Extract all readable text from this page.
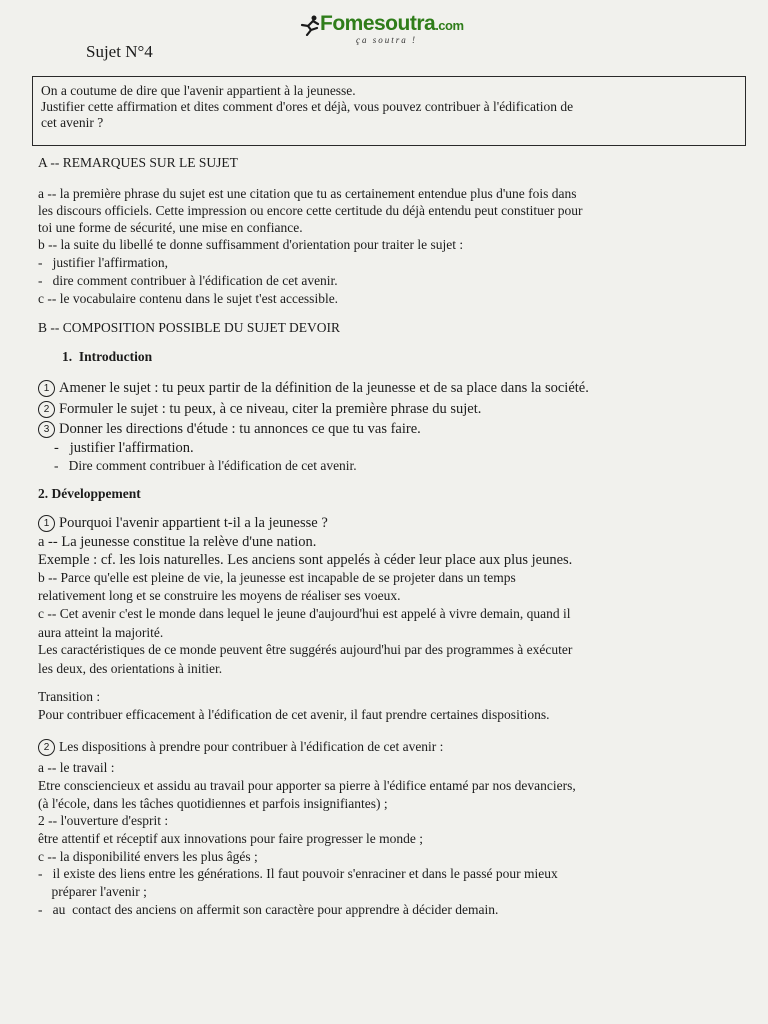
Fomesoutra.com
ça soutra !
Sujet N°4
On a coutume de dire que l'avenir appartient à la jeunesse.
Justifier cette affirmation et dites comment d'ores et déjà, vous pouvez contribuer à l'édification de
cet avenir ?
A -- REMARQUES SUR LE SUJET
a -- la première phrase du sujet est une citation que tu as certainement entendue plus d'une fois dans
les discours officiels. Cette impression ou encore cette certitude du déjà entendu peut constituer pour
toi une forme de sécurité, une mise en confiance.
b -- la suite du libellé te donne suffisamment d'orientation pour traiter le sujet :
-   justifier l'affirmation,
-   dire comment contribuer à l'édification de cet avenir.
c -- le vocabulaire contenu dans le sujet t'est accessible.
B -- COMPOSITION POSSIBLE DU SUJET DEVOIR
1.  Introduction
1 Amener le sujet : tu peux partir de la définition de la jeunesse et de sa place dans la société.
2 Formuler le sujet : tu peux, à ce niveau, citer la première phrase du sujet.
3 Donner les directions d'étude : tu annonces ce que tu vas faire.
-   justifier l'affirmation.
-   Dire comment contribuer à l'édification de cet avenir.
2. Développement
1 Pourquoi l'avenir appartient t-il a la jeunesse ?
a -- La jeunesse constitue la relève d'une nation.
Exemple : cf. les lois naturelles. Les anciens sont appelés à céder leur place aux plus jeunes.
b -- Parce qu'elle est pleine de vie, la jeunesse est incapable de se projeter dans un temps
relativement long et se construire les moyens de réaliser ses voeux.
c -- Cet avenir c'est le monde dans lequel le jeune d'aujourd'hui est appelé à vivre demain, quand il
aura atteint la majorité.
Les caractéristiques de ce monde peuvent être suggérés aujourd'hui par des programmes à exécuter
les deux, des orientations à initier.
Transition :
Pour contribuer efficacement à l'édification de cet avenir, il faut prendre certaines dispositions.
2 Les dispositions à prendre pour contribuer à l'édification de cet avenir :
a -- le travail :
Etre consciencieux et assidu au travail pour apporter sa pierre à l'édifice entamé par nos devanciers,
(à l'école, dans les tâches quotidiennes et parfois insignifiantes) ;
2 -- l'ouverture d'esprit :
être attentif et réceptif aux innovations pour faire progresser le monde ;
c -- la disponibilité envers les plus âgés ;
-   il existe des liens entre les générations. Il faut pouvoir s'enraciner et dans le passé pour mieux
préparer l'avenir ;
-   au  contact des anciens on affermit son caractère pour apprendre à décider demain.
